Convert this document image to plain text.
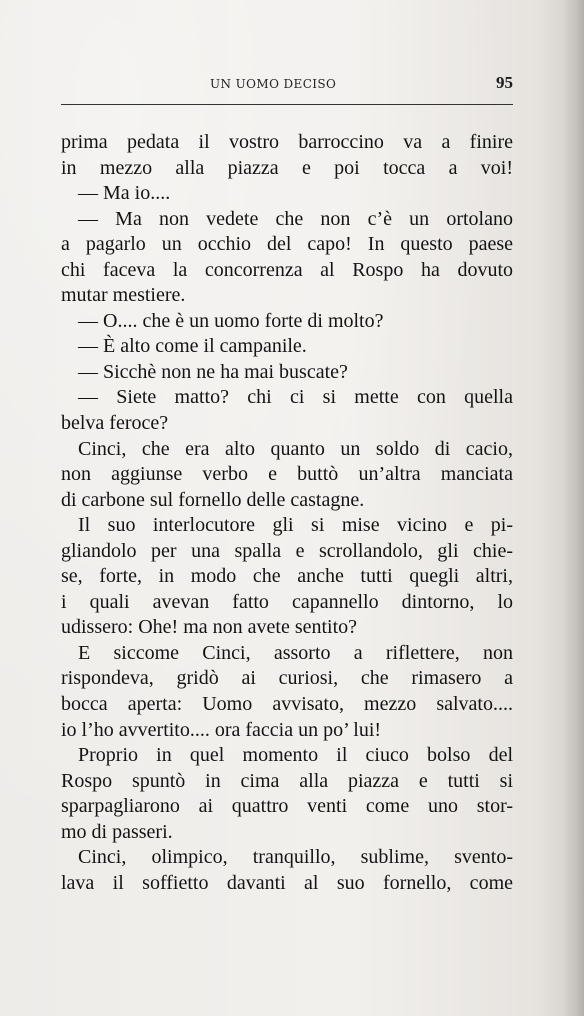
UN UOMO DECISO	95
prima pedata il vostro barroccino va a finire
in mezzo alla piazza e poi tocca a voi!
— Ma io....
— Ma non vedete che non c’è un ortolano
a pagarlo un occhio del capo! In questo paese
chi faceva la concorrenza al Rospo ha dovuto
mutar mestiere.
— O.... che è un uomo forte di molto?
— È alto come il campanile.
— Sicchè non ne ha mai buscate?
— Siete matto? chi ci si mette con quella
belva feroce?
Cinci, che era alto quanto un soldo di cacio,
non aggiunse verbo e buttò un’altra manciata
di carbone sul fornello delle castagne.
Il suo interlocutore gli si mise vicino e pi-
gliandolo per una spalla e scrollandolo, gli chie-
se, forte, in modo che anche tutti quegli altri,
i quali avevan fatto capannello dintorno, lo
udissero: Ohe! ma non avete sentito?
E siccome Cinci, assorto a riflettere, non
rispondeva, gridò ai curiosi, che rimasero a
bocca aperta: Uomo avvisato, mezzo salvato....
io l’ho avvertito.... ora faccia un po’ lui!
Proprio in quel momento il ciuco bolso del
Rospo spuntò in cima alla piazza e tutti si
sparpagliarono ai quattro venti come uno stor-
mo di passeri.
Cinci, olimpico, tranquillo, sublime, svento-
lava il soffietto davanti al suo fornello, come
